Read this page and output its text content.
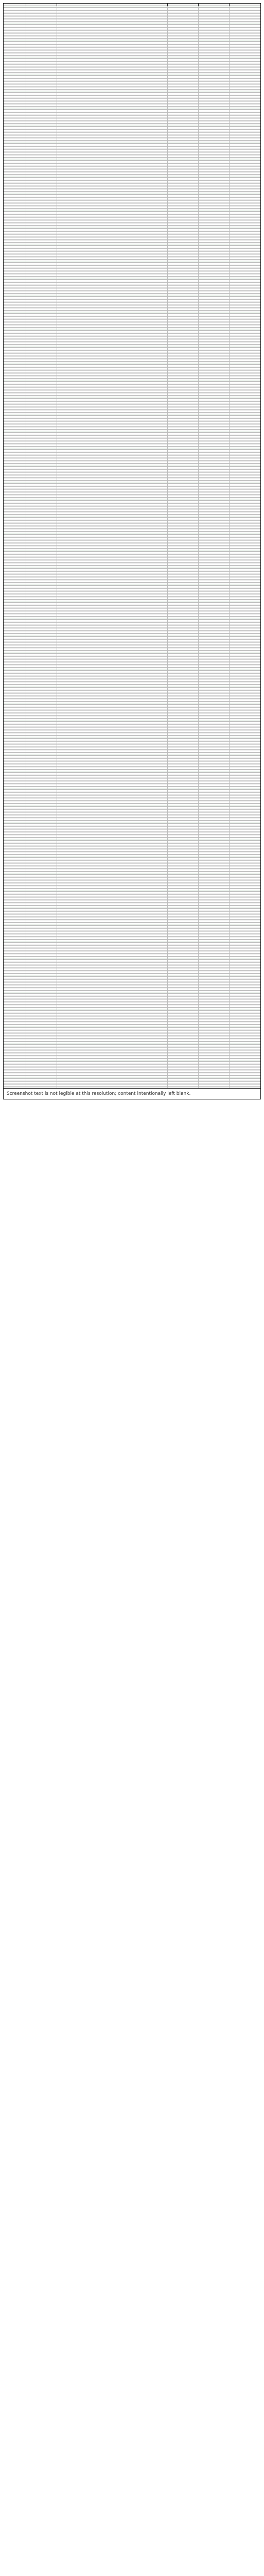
Screenshot text is not legible at this resolution; content intentionally left blank.
